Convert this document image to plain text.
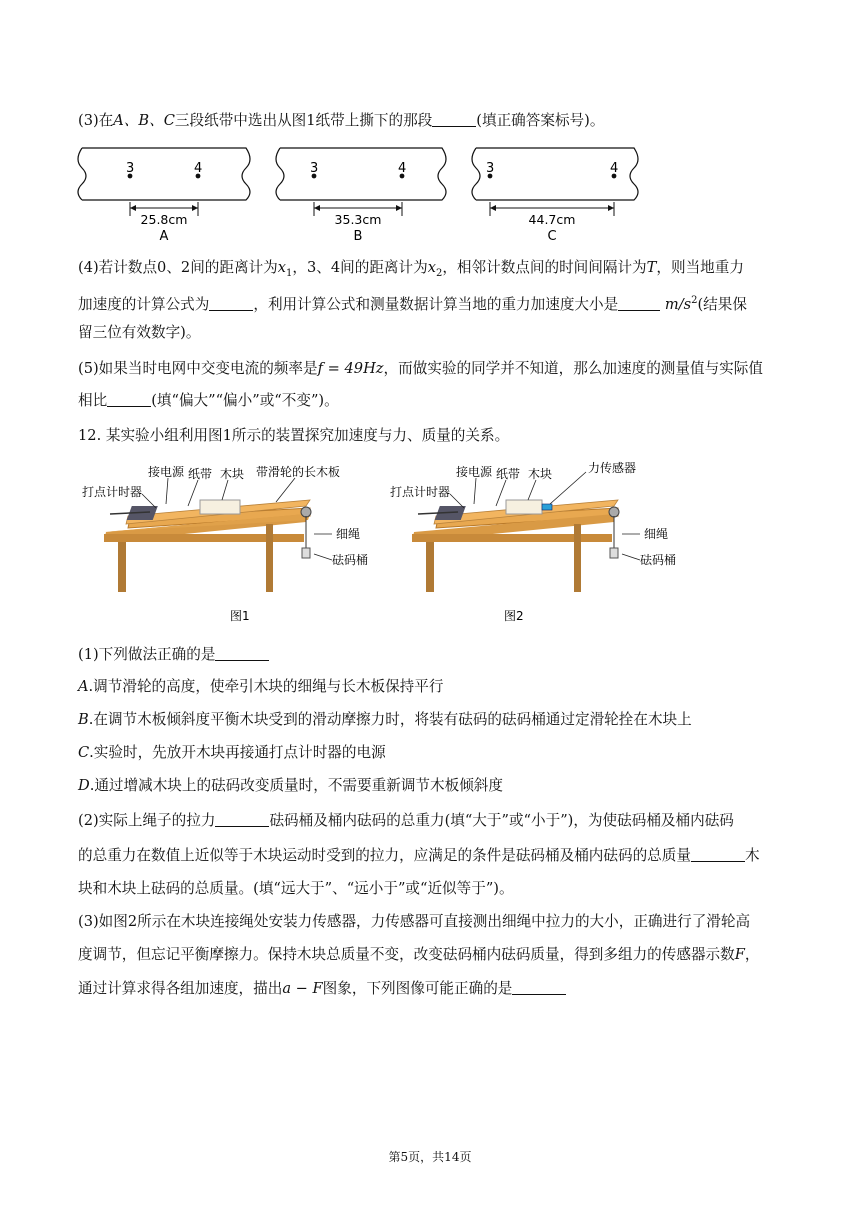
(3)在A、B、C三段纸带中选出从图1纸带上撕下的那段	(填正确答案标号)。
3	4
25.8cm
A
3	4
35.3cm
B
3	4
44.7cm
C
(4)若计数点0、2间的距离计为$x_1$，3、4间的距离计为$x_2$，相邻计数点间的时间间隔计为T，则当地重力
加速度的计算公式为	，利用计算公式和测量数据计算当地的重力加速度大小是	$m/s^2$(结果保
留三位有效数字)。
(5)如果当时电网中交变电流的频率是f = 49Hz，而做实验的同学并不知道，那么加速度的测量值与实际值
相比	(填“偏大”“偏小”或“不变”)。
12. 某实验小组利用图1所示的装置探究加速度与力、质量的关系。
接电源 纸带 木块 带滑轮的长木板
打点计时器
细绳
砝码桶
图1
接电源 纸带 木块	力传感器
打点计时器
细绳
砝码桶
图2
(1)下列做法正确的是
A.调节滑轮的高度，使牵引木块的细绳与长木板保持平行
B.在调节木板倾斜度平衡木块受到的滑动摩擦力时，将装有砝码的砝码桶通过定滑轮拴在木块上
C.实验时，先放开木块再接通打点计时器的电源
D.通过增减木块上的砝码改变质量时，不需要重新调节木板倾斜度
(2)实际上绳子的拉力	砝码桶及桶内砝码的总重力(填“大于”或“小于”)，为使砝码桶及桶内砝码
的总重力在数值上近似等于木块运动时受到的拉力，应满足的条件是砝码桶及桶内砝码的总质量	木
块和木块上砝码的总质量。(填“远大于”、“远小于”或“近似等于”)。
(3)如图2所示在木块连接绳处安装力传感器，力传感器可直接测出细绳中拉力的大小，正确进行了滑轮高
度调节，但忘记平衡摩擦力。保持木块总质量不变，改变砝码桶内砝码质量，得到多组力的传感器示数F，
通过计算求得各组加速度，描出a − F图象，下列图像可能正确的是
第5页，共14页
